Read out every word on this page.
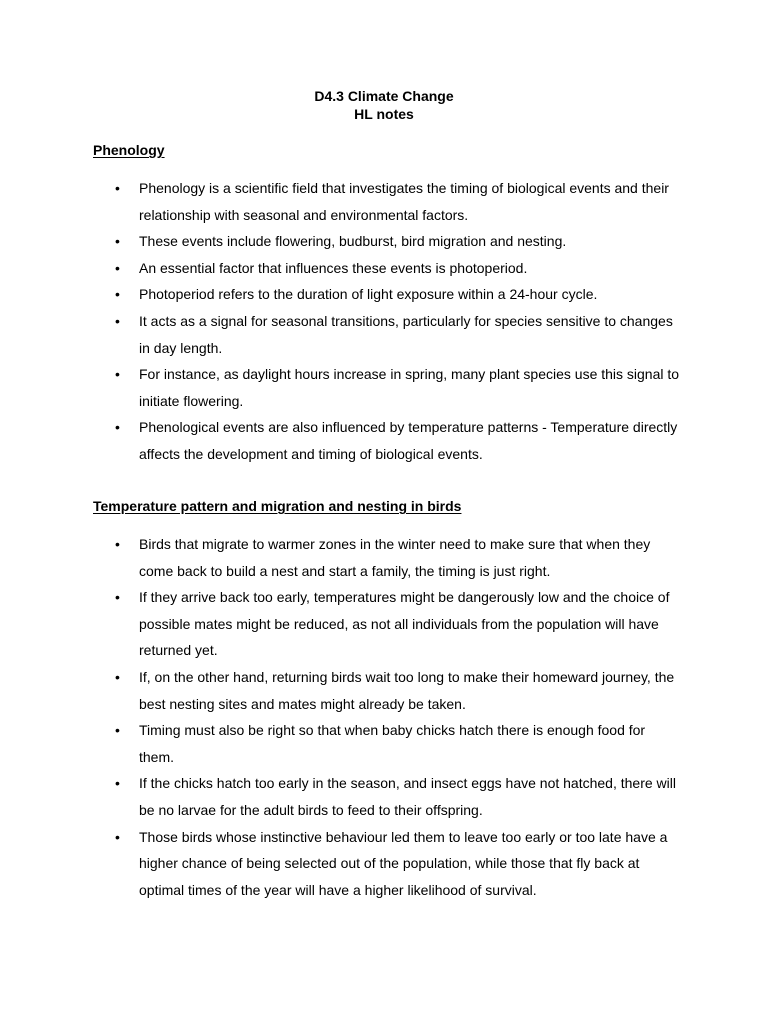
D4.3 Climate Change
HL notes
Phenology
• Phenology is a scientific field that investigates the timing of biological events and their relationship with seasonal and environmental factors.
• These events include flowering, budburst, bird migration and nesting.
• An essential factor that influences these events is photoperiod.
• Photoperiod refers to the duration of light exposure within a 24-hour cycle.
• It acts as a signal for seasonal transitions, particularly for species sensitive to changes in day length.
• For instance, as daylight hours increase in spring, many plant species use this signal to initiate flowering.
• Phenological events are also influenced by temperature patterns - Temperature directly affects the development and timing of biological events.
Temperature pattern and migration and nesting in birds
• Birds that migrate to warmer zones in the winter need to make sure that when they come back to build a nest and start a family, the timing is just right.
• If they arrive back too early, temperatures might be dangerously low and the choice of possible mates might be reduced, as not all individuals from the population will have returned yet.
• If, on the other hand, returning birds wait too long to make their homeward journey, the best nesting sites and mates might already be taken.
• Timing must also be right so that when baby chicks hatch there is enough food for them.
• If the chicks hatch too early in the season, and insect eggs have not hatched, there will be no larvae for the adult birds to feed to their offspring.
• Those birds whose instinctive behaviour led them to leave too early or too late have a higher chance of being selected out of the population, while those that fly back at optimal times of the year will have a higher likelihood of survival.
